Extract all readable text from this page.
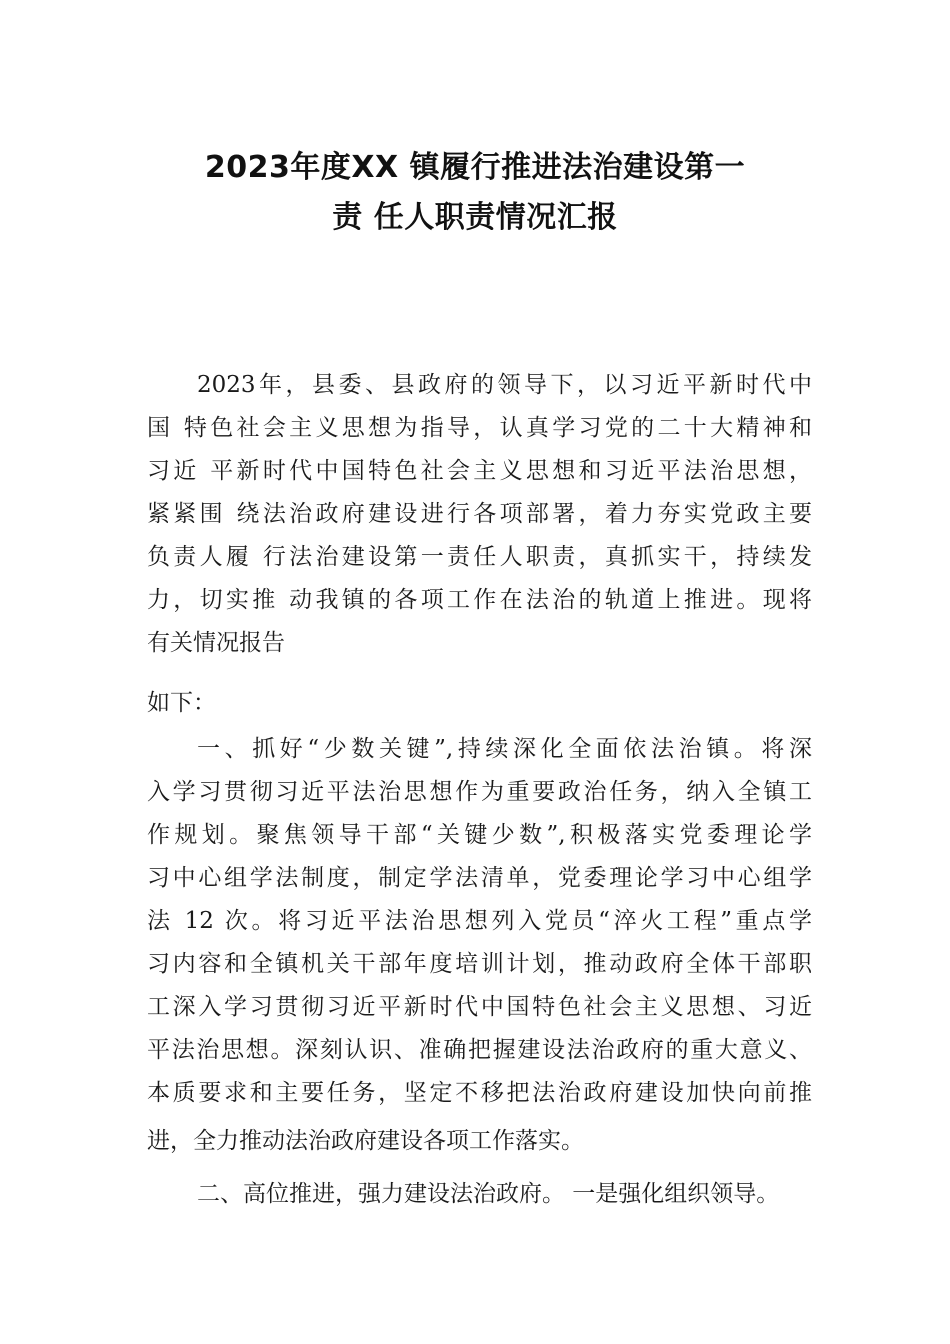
2023年度XX 镇履行推进法治建设第一
责 任人职责情况汇报
2023年，县委、县政府的领导下，以习近平新时代中
国 特色社会主义思想为指导，认真学习党的二十大精神和
习近 平新时代中国特色社会主义思想和习近平法治思想，
紧紧围 绕法治政府建设进行各项部署，着力夯实党政主要
负责人履 行法治建设第一责任人职责，真抓实干，持续发
力，切实推 动我镇的各项工作在法治的轨道上推进。现将
有关情况报告
如下：
一、抓好“少数关键”,持续深化全面依法治镇。将深
入学习贯彻习近平法治思想作为重要政治任务，纳入全镇工
作规划。聚焦领导干部“关键少数”,积极落实党委理论学
习中心组学法制度，制定学法清单，党委理论学习中心组学
法 12 次。将习近平法治思想列入党员“淬火工程”重点学
习内容和全镇机关干部年度培训计划，推动政府全体干部职
工深入学习贯彻习近平新时代中国特色社会主义思想、习近
平法治思想。深刻认识、准确把握建设法治政府的重大意义、
本质要求和主要任务，坚定不移把法治政府建设加快向前推
进，全力推动法治政府建设各项工作落实。
二、高位推进，强力建设法治政府。 一是强化组织领导。
